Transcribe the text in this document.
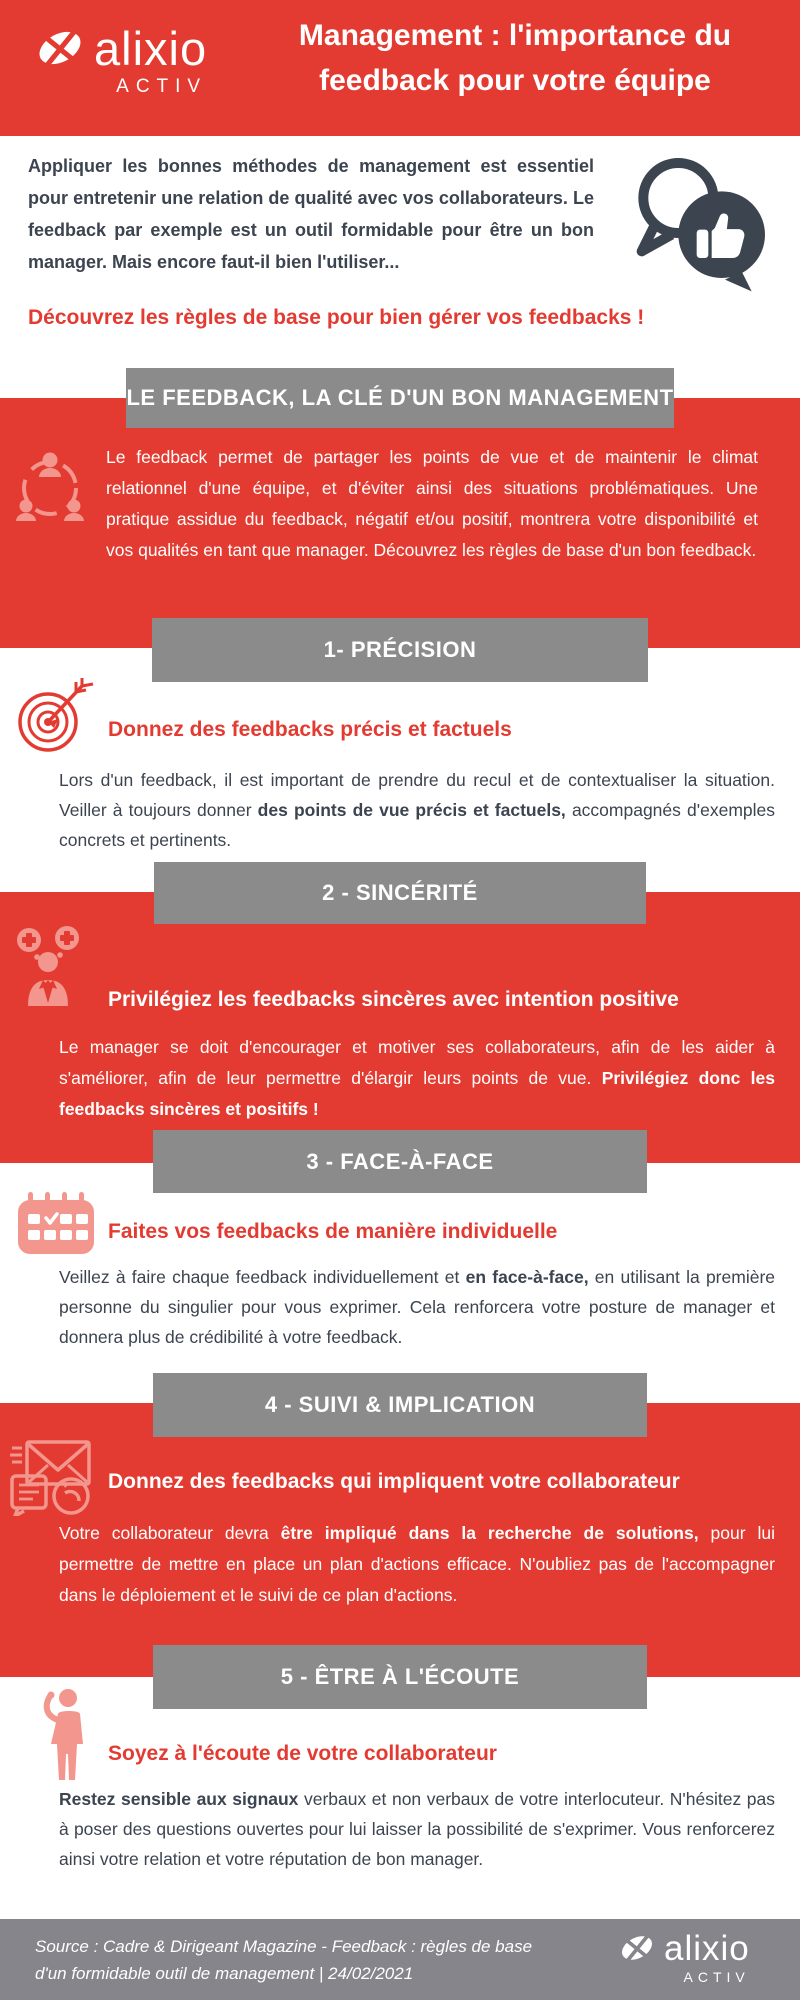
alixio
ACTIV
Management : l'importance du
feedback pour votre équipe
Appliquer les bonnes méthodes de management est essentiel pour entretenir une relation de qualité avec vos collaborateurs. Le feedback par exemple est un outil formidable pour être un bon manager. Mais encore faut-il bien l'utiliser...
Découvrez les règles de base pour bien gérer vos feedbacks !
LE FEEDBACK, LA CLÉ D'UN BON MANAGEMENT
Le feedback permet de partager les points de vue et de maintenir le climat relationnel d'une équipe, et d'éviter ainsi des situations problématiques. Une pratique assidue du feedback, négatif et/ou positif, montrera votre disponibilité et vos qualités en tant que manager. Découvrez les règles de base d'un bon feedback.
1- PRÉCISION
Donnez des feedbacks précis et factuels
Lors d'un feedback, il est important de prendre du recul et de contextualiser la situation. Veiller à toujours donner des points de vue précis et factuels, accompagnés d'exemples concrets et pertinents.
2 - SINCÉRITÉ
Privilégiez les feedbacks sincères avec intention positive
Le manager se doit d'encourager et motiver ses collaborateurs, afin de les aider à s'améliorer, afin de leur permettre d'élargir leurs points de vue. Privilégiez donc les feedbacks sincères et positifs !
3 - FACE-À-FACE
Faites vos feedbacks de manière individuelle
Veillez à faire chaque feedback individuellement et en face-à-face, en utilisant la première personne du singulier pour vous exprimer. Cela renforcera votre posture de manager et donnera plus de crédibilité à votre feedback.
4 - SUIVI & IMPLICATION
Donnez des feedbacks qui impliquent votre collaborateur
Votre collaborateur devra être impliqué dans la recherche de solutions, pour lui permettre de mettre en place un plan d'actions efficace. N'oubliez pas de l'accompagner dans le déploiement et le suivi de ce plan d'actions.
5 - ÊTRE À L'ÉCOUTE
Soyez à l'écoute de votre collaborateur
Restez sensible aux signaux verbaux et non verbaux de votre interlocuteur. N'hésitez pas à poser des questions ouvertes pour lui laisser la possibilité de s'exprimer. Vous renforcerez ainsi votre relation et votre réputation de bon manager.
Source : Cadre & Dirigeant Magazine - Feedback : règles de base
d'un formidable outil de management | 24/02/2021
alixio
ACTIV
